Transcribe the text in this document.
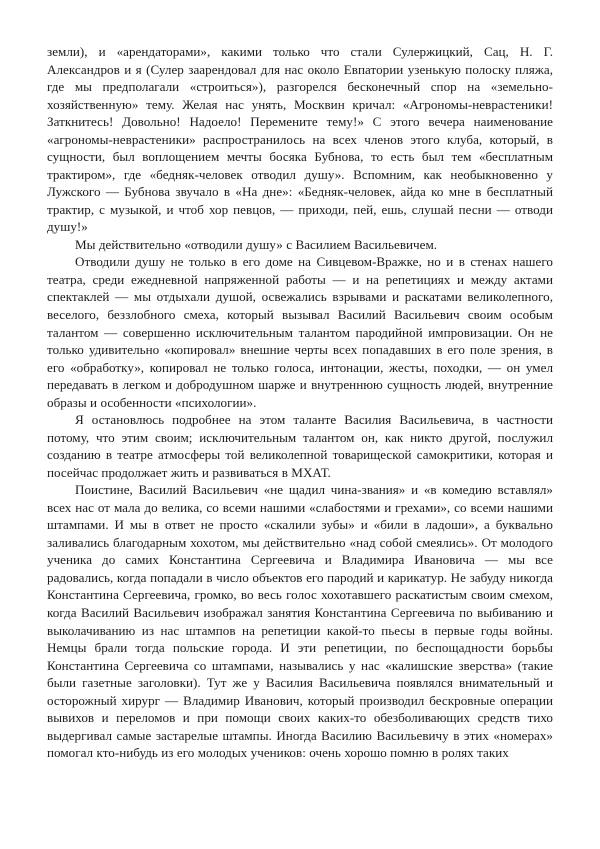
земли), и «арендаторами», какими только что стали Сулержицкий, Сац, Н. Г. Александров и я (Сулер заарендовал для нас около Евпатории узенькую полоску пляжа, где мы предполагали «строиться»), разгорелся бесконечный спор на «земельно-хозяйственную» тему. Желая нас унять, Москвин кричал: «Агрономы-неврастеники! Заткнитесь! Довольно! Надоело! Перемените тему!» С этого вечера наименование «агрономы-неврастеники» распространилось на всех членов этого клуба, который, в сущности, был воплощением мечты босяка Бубнова, то есть был тем «бесплатным трактиром», где «бедняк-человек отводил душу». Вспомним, как необыкновенно у Лужского — Бубнова звучало в «На дне»: «Бедняк-человек, айда ко мне в бесплатный трактир, с музыкой, и чтоб хор певцов, — приходи, пей, ешь, слушай песни — отводи душу!»

Мы действительно «отводили душу» с Василием Васильевичем.

Отводили душу не только в его доме на Сивцевом-Вражке, но и в стенах нашего театра, среди ежедневной напряженной работы — и на репетициях и между актами спектаклей — мы отдыхали душой, освежались взрывами и раскатами великолепного, веселого, беззлобного смеха, который вызывал Василий Васильевич своим особым талантом — совершенно исключительным талантом пародийной импровизации. Он не только удивительно «копировал» внешние черты всех попадавших в его поле зрения, в его «обработку», копировал не только голоса, интонации, жесты, походки, — он умел передавать в легком и добродушном шарже и внутреннюю сущность людей, внутренние образы и особенности «психологии».

Я остановлюсь подробнее на этом таланте Василия Васильевича, в частности потому, что этим своим; исключительным талантом он, как никто другой, послужил созданию в театре атмосферы той великолепной товарищеской самокритики, которая и посейчас продолжает жить и развиваться в МХАТ.

Поистине, Василий Васильевич «не щадил чина-звания» и «в комедию вставлял» всех нас от мала до велика, со всеми нашими «слабостями и грехами», со всеми нашими штампами. И мы в ответ не просто «скалили зубы» и «били в ладоши», а буквально заливались благодарным хохотом, мы действительно «над собой смеялись». От молодого ученика до самих Константина Сергеевича и Владимира Ивановича — мы все радовались, когда попадали в число объектов его пародий и карикатур. Не забуду никогда Константина Сергеевича, громко, во весь голос хохотавшего раскатистым своим смехом, когда Василий Васильевич изображал занятия Константина Сергеевича по выбиванию и выколачиванию из нас штампов на репетиции какой-то пьесы в первые годы войны. Немцы брали тогда польские города. И эти репетиции, по беспощадности борьбы Константина Сергеевича со штампами, назывались у нас «калишские зверства» (такие были газетные заголовки). Тут же у Василия Васильевича появлялся внимательный и осторожный хирург — Владимир Иванович, который производил бескровные операции вывихов и переломов и при помощи своих каких-то обезболивающих средств тихо выдергивал самые застарелые штампы. Иногда Василию Васильевичу в этих «номерах» помогал кто-нибудь из его молодых учеников: очень хорошо помню в ролях таких
